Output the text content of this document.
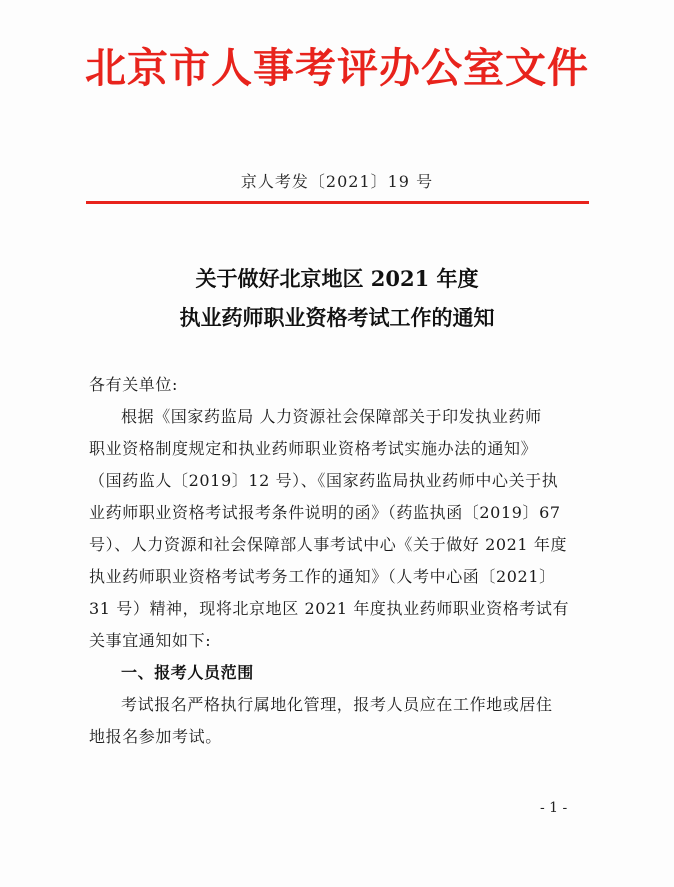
北京市人事考评办公室文件
京人考发〔2021〕19 号
关于做好北京地区 2021 年度
执业药师职业资格考试工作的通知
各有关单位:
根据《国家药监局 人力资源社会保障部关于印发执业药师
职业资格制度规定和执业药师职业资格考试实施办法的通知》
（国药监人〔2019〕12 号）、《国家药监局执业药师中心关于执
业药师职业资格考试报考条件说明的函》（药监执函〔2019〕67
号）、人力资源和社会保障部人事考试中心《关于做好 2021 年度
执业药师职业资格考试考务工作的通知》（人考中心函〔2021〕
31 号）精神，现将北京地区 2021 年度执业药师职业资格考试有
关事宜通知如下:
一、报考人员范围
考试报名严格执行属地化管理，报考人员应在工作地或居住
地报名参加考试。
- 1 -
